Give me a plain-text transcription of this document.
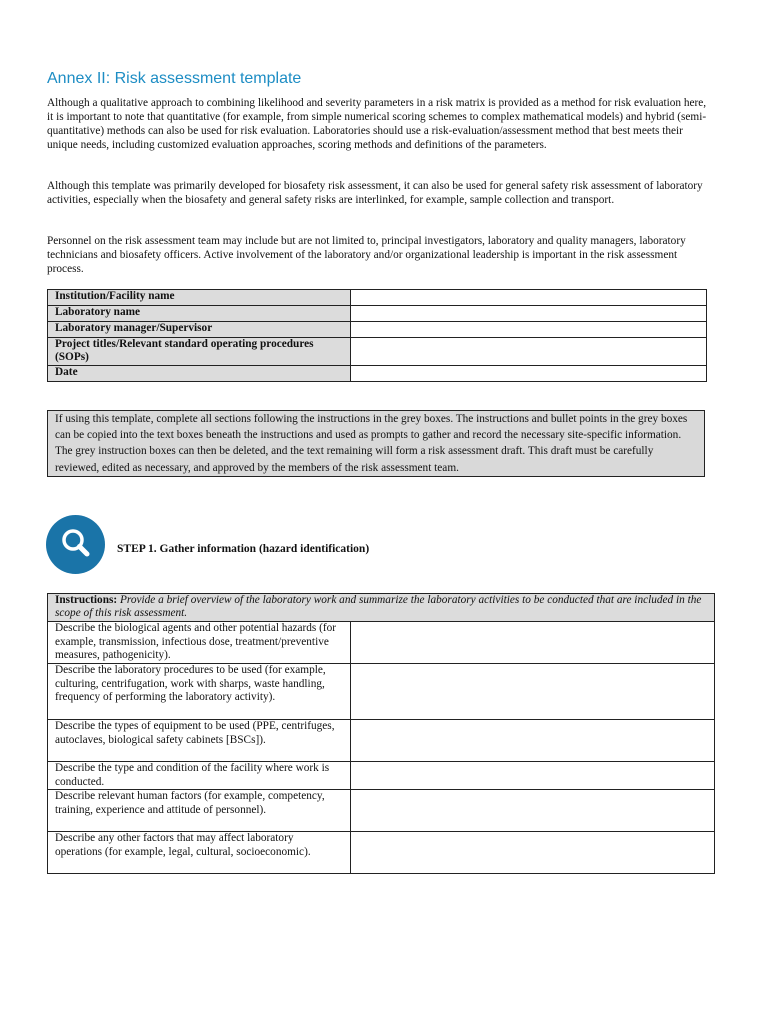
Annex II: Risk assessment template
Although a qualitative approach to combining likelihood and severity parameters in a risk matrix is provided as a method for risk evaluation here, it is important to note that quantitative (for example, from simple numerical scoring schemes to complex mathematical models) and hybrid (semi-quantitative) methods can also be used for risk evaluation. Laboratories should use a risk-evaluation/assessment method that best meets their unique needs, including customized evaluation approaches, scoring methods and definitions of the parameters.
Although this template was primarily developed for biosafety risk assessment, it can also be used for general safety risk assessment of laboratory activities, especially when the biosafety and general safety risks are interlinked, for example, sample collection and transport.
Personnel on the risk assessment team may include but are not limited to, principal investigators, laboratory and quality managers, laboratory technicians and biosafety officers. Active involvement of the laboratory and/or organizational leadership is important in the risk assessment process.
Institution/Facility name	
Laboratory name	
Laboratory manager/Supervisor	
Project titles/Relevant standard operating procedures (SOPs)	
Date	
If using this template, complete all sections following the instructions in the grey boxes. The instructions and bullet points in the grey boxes can be copied into the text boxes beneath the instructions and used as prompts to gather and record the necessary site-specific information. The grey instruction boxes can then be deleted, and the text remaining will form a risk assessment draft. This draft must be carefully reviewed, edited as necessary, and approved by the members of the risk assessment team.
STEP 1. Gather information (hazard identification)
Instructions: Provide a brief overview of the laboratory work and summarize the laboratory activities to be conducted that are included in the scope of this risk assessment.	
Describe the biological agents and other potential hazards (for example, transmission, infectious dose, treatment/preventive measures, pathogenicity).	
Describe the laboratory procedures to be used (for example, culturing, centrifugation, work with sharps, waste handling, frequency of performing the laboratory activity).	
Describe the types of equipment to be used (PPE, centrifuges, autoclaves, biological safety cabinets [BSCs]).	
Describe the type and condition of the facility where work is conducted.	
Describe relevant human factors (for example, competency, training, experience and attitude of personnel).	
Describe any other factors that may affect laboratory operations (for example, legal, cultural, socioeconomic).	
